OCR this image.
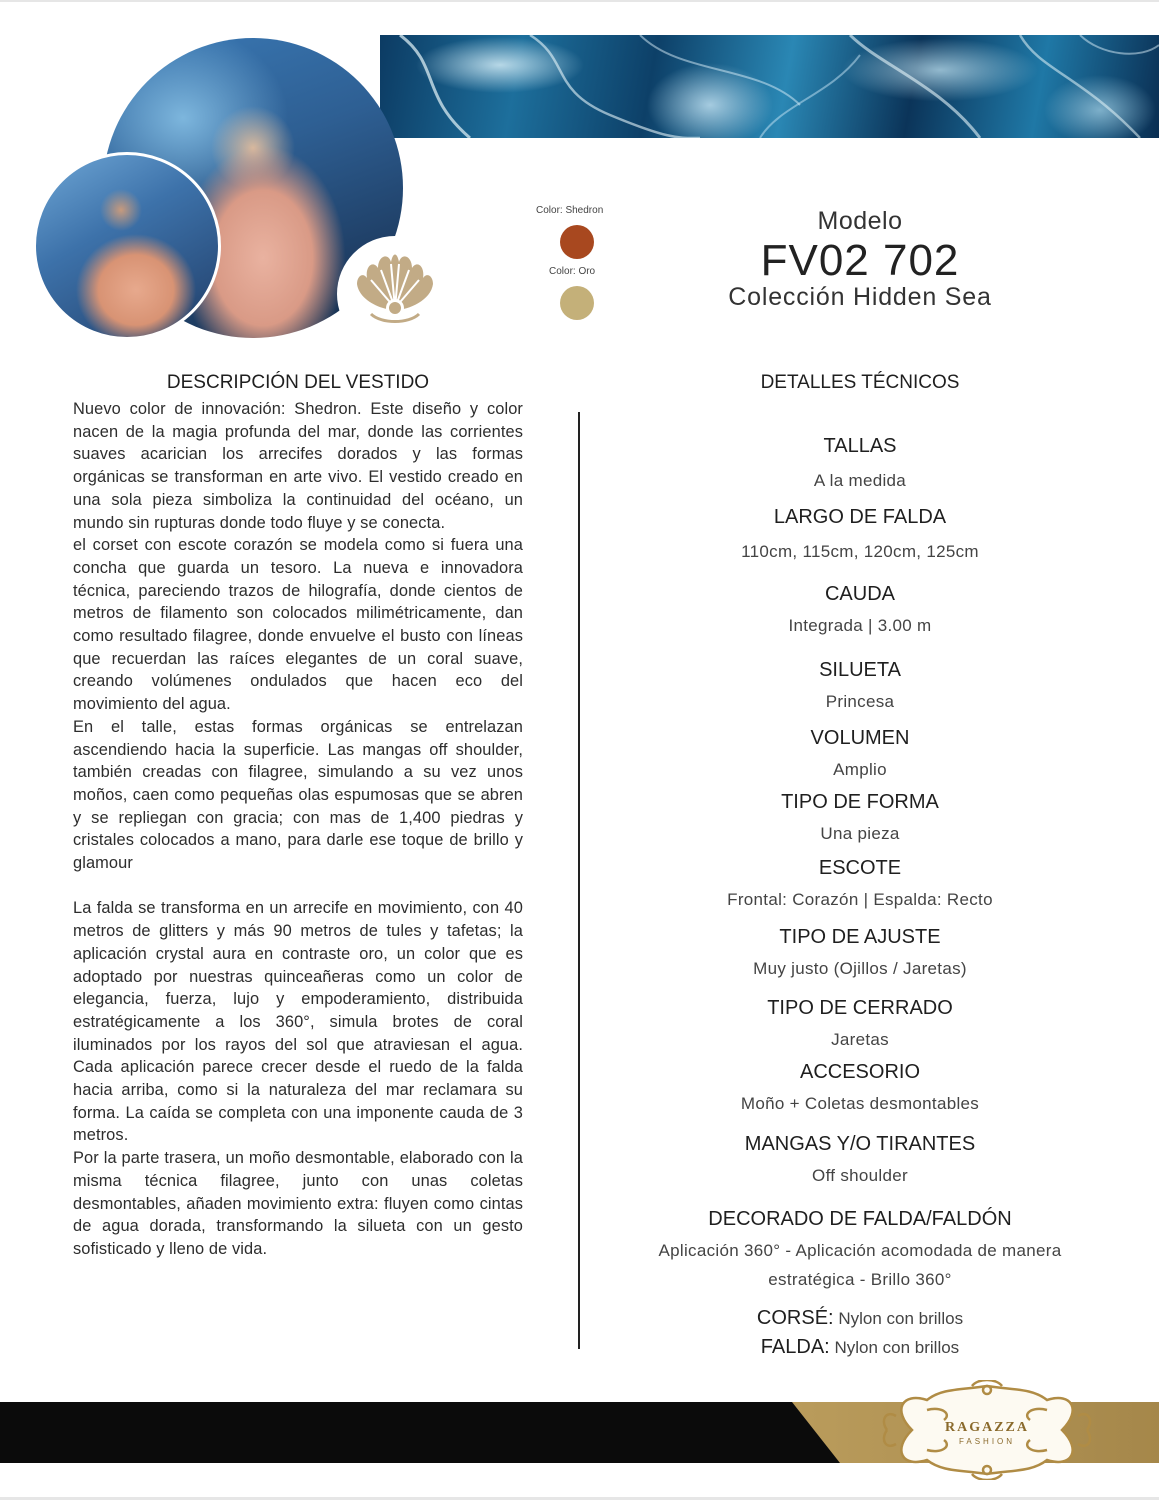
Color: Shedron
Color: Oro
Modelo
FV02 702
Colección Hidden Sea
DESCRIPCIÓN DEL VESTIDO

Nuevo color de innovación: Shedron. Este diseño y color nacen de la magia profunda del mar, donde las corrientes suaves acarician los arrecifes dorados y las formas orgánicas se transforman en arte vivo. El vestido creado en una sola pieza simboliza la continuidad del océano, un mundo sin rupturas donde todo fluye y se conecta.

el corset con escote corazón se modela como si fuera una concha que guarda un tesoro. La nueva e innovadora técnica, pareciendo trazos de hilografía, donde cientos de metros de filamento son colocados milimétricamente, dan como resultado filagree, donde envuelve el busto con líneas que recuerdan las raíces elegantes de un coral suave, creando volúmenes ondulados que hacen eco del movimiento del agua.

En el talle, estas formas orgánicas se entrelazan ascendiendo hacia la superficie. Las mangas off shoulder, también creadas con filagree, simulando a su vez unos moños, caen como pequeñas olas espumosas que se abren y se repliegan con gracia; con mas de 1,400 piedras y cristales colocados a mano, para darle ese toque de brillo y glamour

La falda se transforma en un arrecife en movimiento, con 40 metros de glitters y más 90 metros de tules y tafetas; la aplicación crystal aura en contraste oro, un color que es adoptado por nuestras quinceañeras como un color de elegancia, fuerza, lujo y empoderamiento, distribuida estratégicamente a los 360°, simula brotes de coral iluminados por los rayos del sol que atraviesan el agua. Cada aplicación parece crecer desde el ruedo de la falda hacia arriba, como si la naturaleza del mar reclamara su forma. La caída se completa con una imponente cauda de 3 metros.

Por la parte trasera, un moño desmontable, elaborado con la misma técnica filagree, junto con unas coletas desmontables, añaden movimiento extra: fluyen como cintas de agua dorada, transformando la silueta con un gesto sofisticado y lleno de vida.

DETALLES TÉCNICOS
TALLAS
A la medida
LARGO DE FALDA
110cm, 115cm, 120cm, 125cm
CAUDA
Integrada | 3.00 m
SILUETA
Princesa
VOLUMEN
Amplio
TIPO DE FORMA
Una pieza
ESCOTE
Frontal: Corazón | Espalda: Recto
TIPO DE AJUSTE
Muy justo (Ojillos / Jaretas)
TIPO DE CERRADO
Jaretas
ACCESORIO
Moño + Coletas desmontables
MANGAS Y/O TIRANTES
Off shoulder
DECORADO DE FALDA/FALDÓN
Aplicación 360° - Aplicación acomodada de manera
estratégica - Brillo 360°
CORSÉ: Nylon con brillos
FALDA: Nylon con brillos
RAGAZZA
FASHION
